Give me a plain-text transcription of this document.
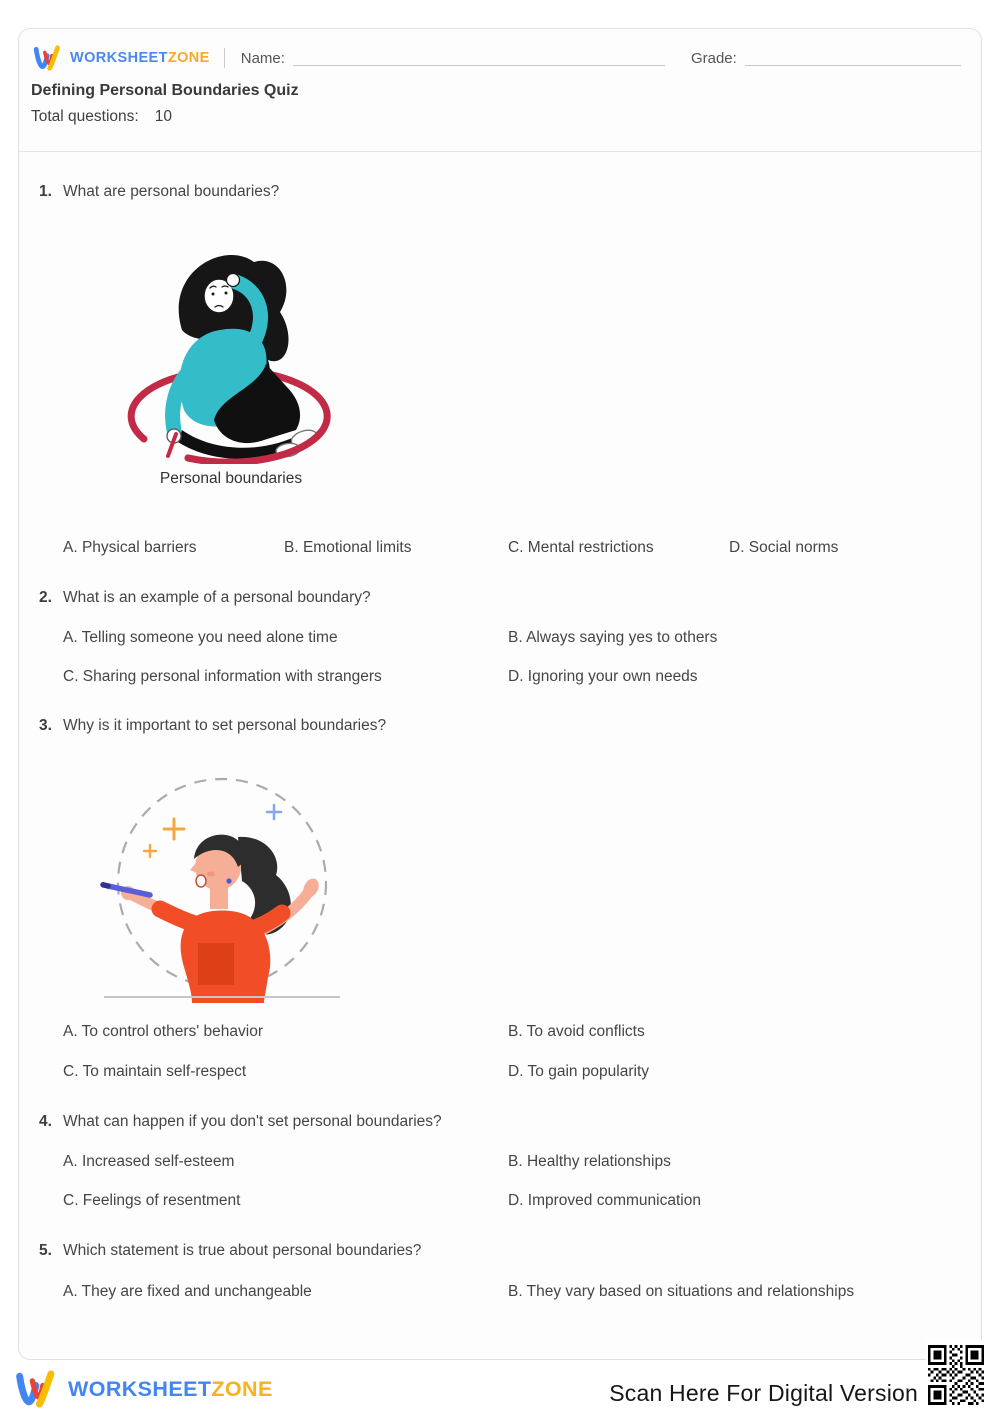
WORKSHEETZONE Name:	Grade:
Defining Personal Boundaries Quiz
Total questions: 10
1. What are personal boundaries?
Personal boundaries
A. Physical barriers	B. Emotional limits	C. Mental restrictions	D. Social norms
2. What is an example of a personal boundary?
A. Telling someone you need alone time	B. Always saying yes to others
C. Sharing personal information with strangers	D. Ignoring your own needs
3. Why is it important to set personal boundaries?
A. To control others' behavior	B. To avoid conflicts
C. To maintain self-respect	D. To gain popularity
4. What can happen if you don't set personal boundaries?
A. Increased self-esteem	B. Healthy relationships
C. Feelings of resentment	D. Improved communication
5. Which statement is true about personal boundaries?
A. They are fixed and unchangeable	B. They vary based on situations and relationships
WORKSHEETZONE	Scan Here For Digital Version
